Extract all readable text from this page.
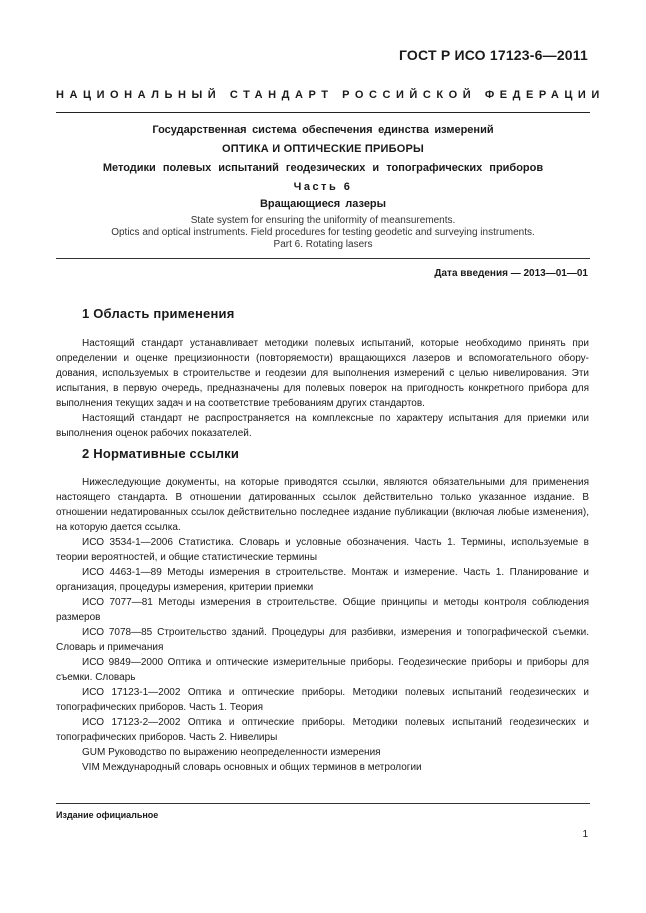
ГОСТ Р ИСО 17123-6—2011
НАЦИОНАЛЬНЫЙ СТАНДАРТ РОССИЙСКОЙ ФЕДЕРАЦИИ
Государственная система обеспечения единства измерений
ОПТИКА И ОПТИЧЕСКИЕ ПРИБОРЫ
Методики полевых испытаний геодезических и топографических приборов
Часть 6
Вращающиеся лазеры
State system for ensuring the uniformity of meansurements.
Optics and optical instruments. Field procedures for testing geodetic and surveying instruments.
Part 6. Rotating lasers
Дата введения — 2013—01—01
1 Область применения

Настоящий стандарт устанавливает методики полевых испытаний, которые необходимо принять при определении и оценке прецизионности (повторяемости) вращающихся лазеров и вспомогательного оборудования, используемых в строительстве и геодезии для выполнения измерений с целью нивелирования. Эти испытания, в первую очередь, предназначены для полевых поверок на пригодность конкретного прибора для выполнения текущих задач и на соответствие требованиям других стандартов.

Настоящий стандарт не распространяется на комплексные по характеру испытания для приемки или выполнения оценок рабочих показателей.

2 Нормативные ссылки

Нижеследующие документы, на которые приводятся ссылки, являются обязательными для применения настоящего стандарта. В отношении датированных ссылок действительно только указанное издание. В отношении недатированных ссылок действительно последнее издание публикации (включая любые изменения), на которую дается ссылка.

ИСО 3534-1—2006 Статистика. Словарь и условные обозначения. Часть 1. Термины, используемые в теории вероятностей, и общие статистические термины
ИСО 4463-1—89 Методы измерения в строительстве. Монтаж и измерение. Часть 1. Планирование и организация, процедуры измерения, критерии приемки
ИСО 7077—81 Методы измерения в строительстве. Общие принципы и методы контроля соблюдения размеров
ИСО 7078—85 Строительство зданий. Процедуры для разбивки, измерения и топографической съемки. Словарь и примечания
ИСО 9849—2000 Оптика и оптические измерительные приборы. Геодезические приборы и приборы для съемки. Словарь
ИСО 17123-1—2002 Оптика и оптические приборы. Методики полевых испытаний геодезических и топографических приборов. Часть 1. Теория
ИСО 17123-2—2002 Оптика и оптические приборы. Методики полевых испытаний геодезических и топографических приборов. Часть 2. Нивелиры
GUM Руководство по выражению неопределенности измерения
VIM Международный словарь основных и общих терминов в метрологии
Издание официальное
1
